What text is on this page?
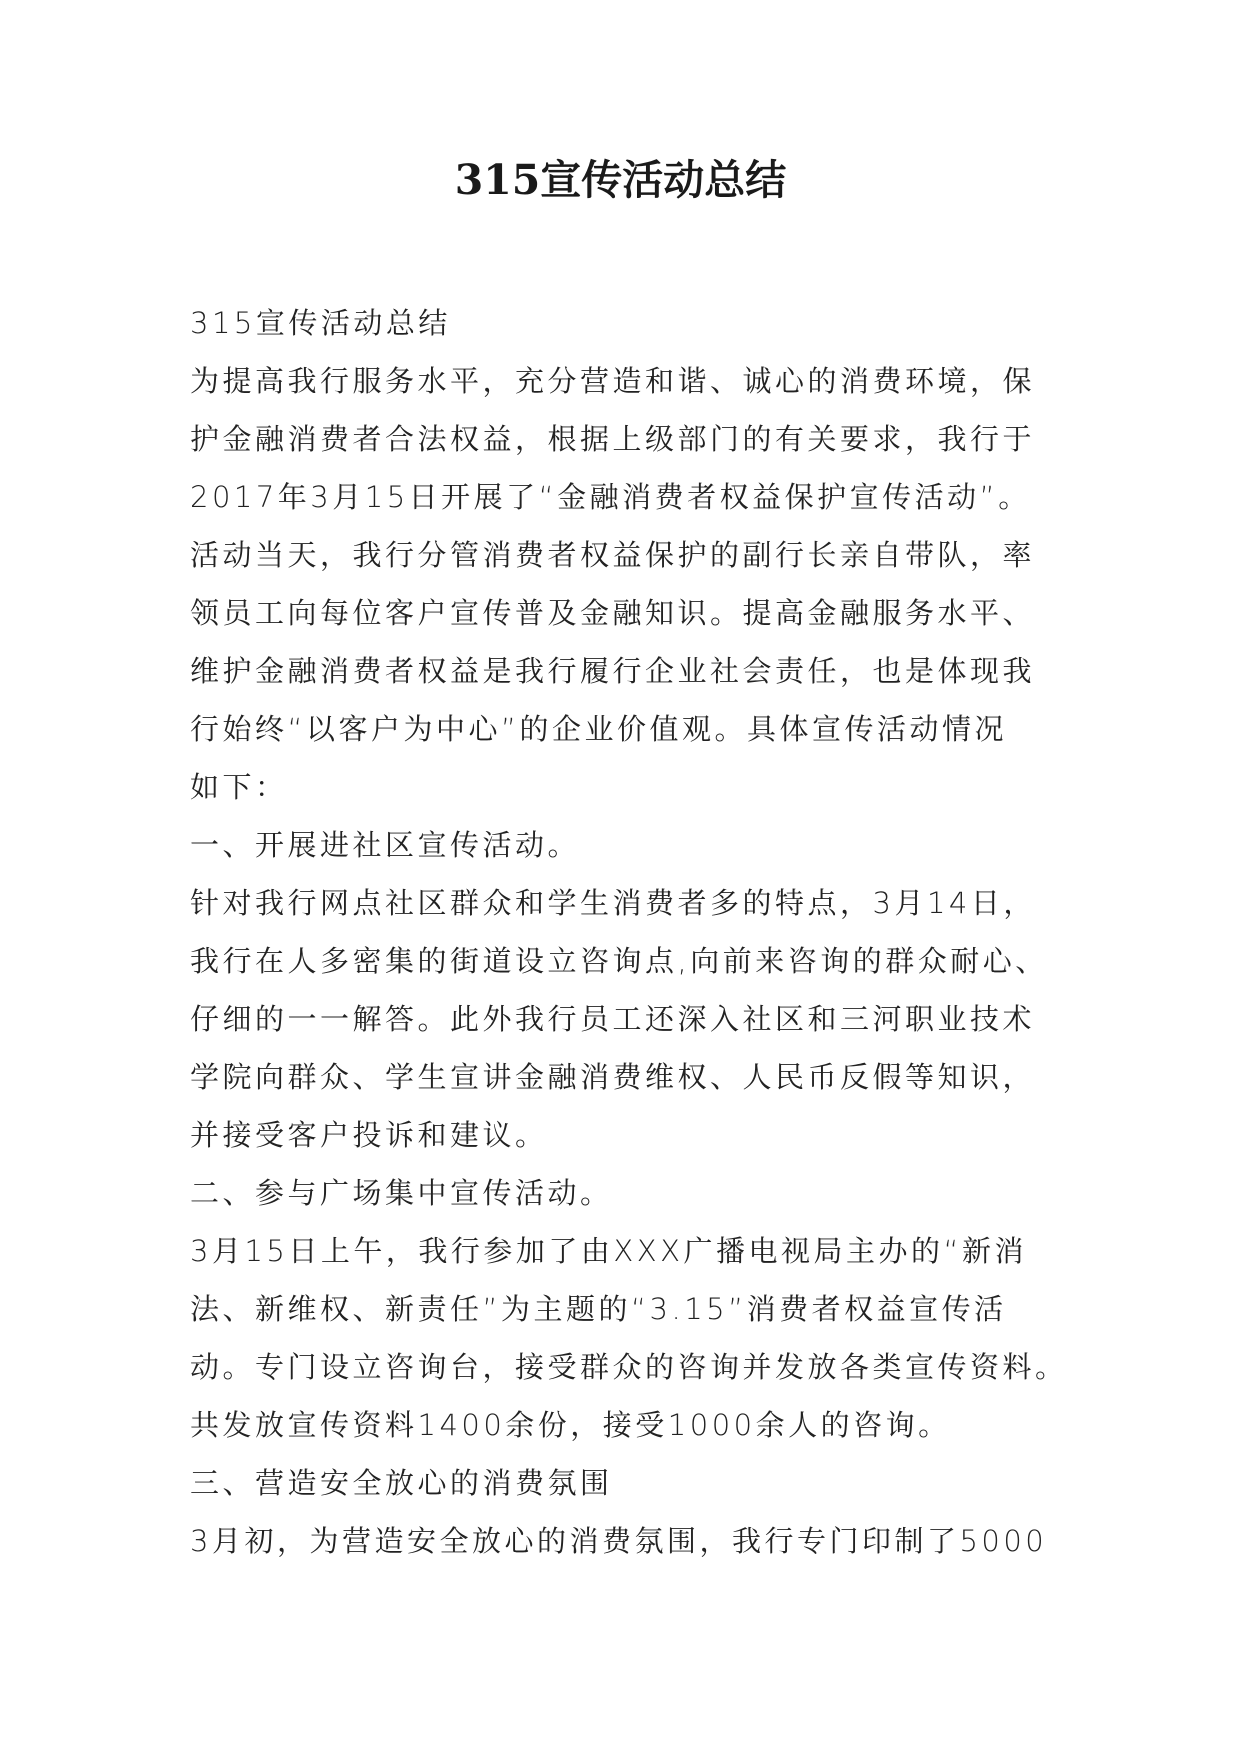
315宣传活动总结

315宣传活动总结

为提高我行服务水平，充分营造和谐、诚心的消费环境，保

护金融消费者合法权益，根据上级部门的有关要求，我行于

2017年3月15日开展了“金融消费者权益保护宣传活动”。

活动当天，我行分管消费者权益保护的副行长亲自带队，率

领员工向每位客户宣传普及金融知识。提高金融服务水平、

维护金融消费者权益是我行履行企业社会责任，也是体现我

行始终“以客户为中心”的企业价值观。具体宣传活动情况

如下：

一、开展进社区宣传活动。

针对我行网点社区群众和学生消费者多的特点，3月14日，

我行在人多密集的街道设立咨询点,向前来咨询的群众耐心、

仔细的一一解答。此外我行员工还深入社区和三河职业技术

学院向群众、学生宣讲金融消费维权、人民币反假等知识，

并接受客户投诉和建议。

二、参与广场集中宣传活动。

3月15日上午，我行参加了由XXX广播电视局主办的“新消

法、新维权、新责任”为主题的“3.15”消费者权益宣传活

动。专门设立咨询台，接受群众的咨询并发放各类宣传资料。

共发放宣传资料1400余份，接受1000余人的咨询。

三、营造安全放心的消费氛围

3月初，为营造安全放心的消费氛围，我行专门印制了5000
